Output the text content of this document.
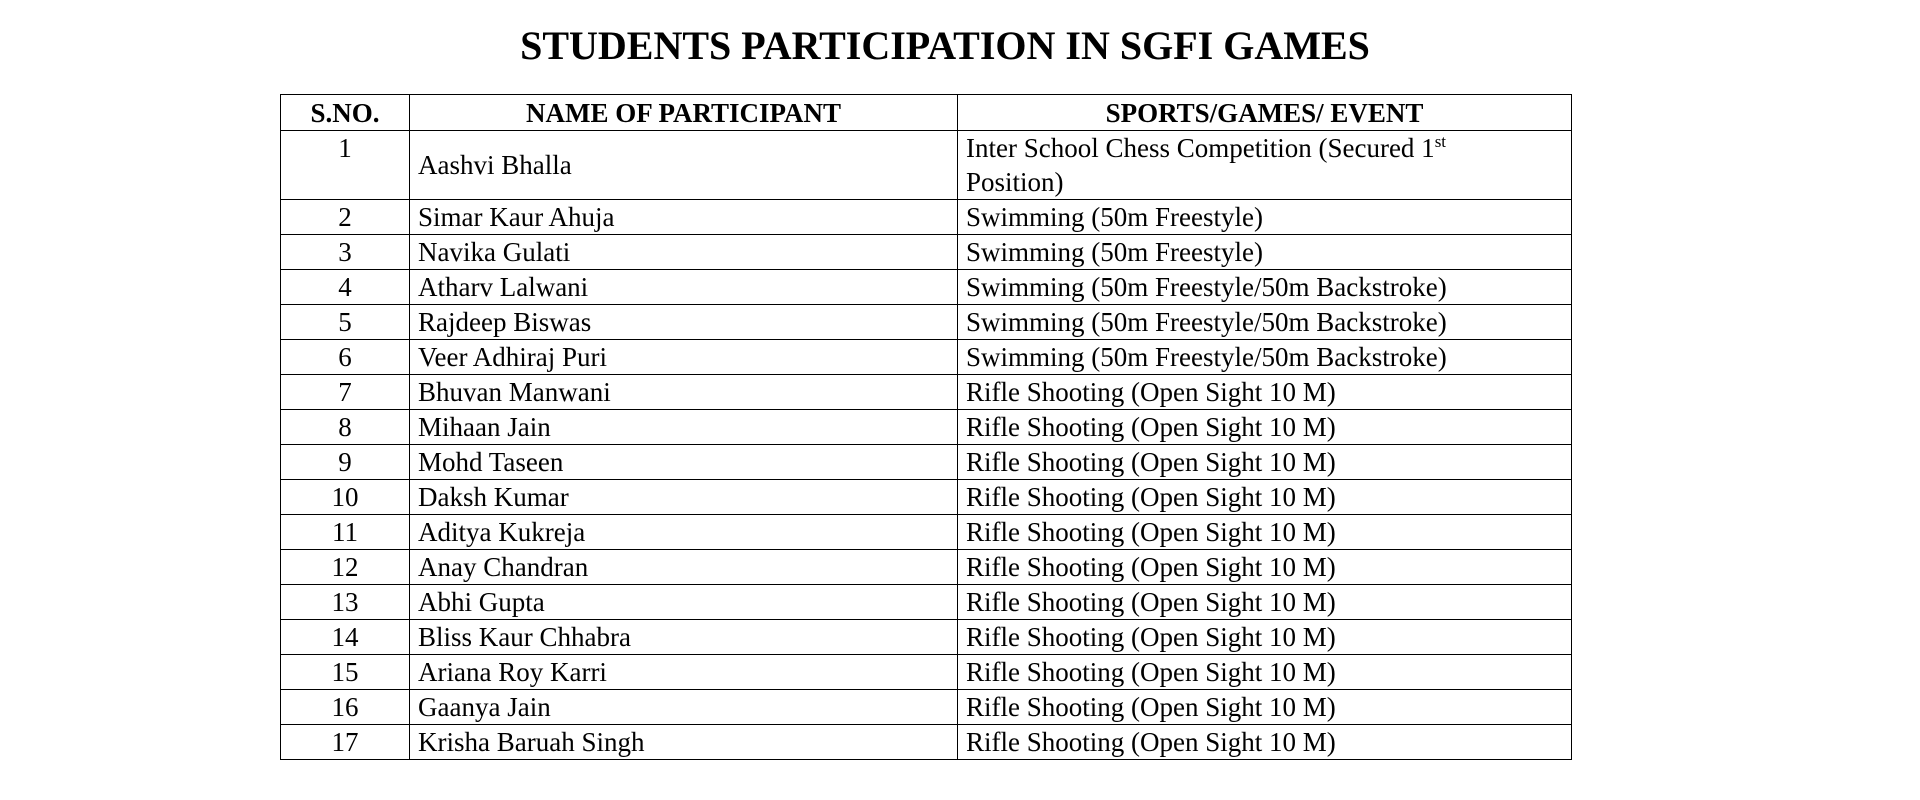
STUDENTS PARTICIPATION IN SGFI GAMES
S.NO.	NAME OF PARTICIPANT	SPORTS/GAMES/ EVENT
1	Aashvi Bhalla	Inter School Chess Competition (Secured 1st
Position)
2	Simar Kaur Ahuja	Swimming (50m Freestyle)
3	Navika Gulati	Swimming (50m Freestyle)
4	Atharv Lalwani	Swimming (50m Freestyle/50m Backstroke)
5	Rajdeep Biswas	Swimming (50m Freestyle/50m Backstroke)
6	Veer Adhiraj Puri	Swimming (50m Freestyle/50m Backstroke)
7	Bhuvan Manwani	Rifle Shooting (Open Sight 10 M)
8	Mihaan Jain	Rifle Shooting (Open Sight 10 M)
9	Mohd Taseen	Rifle Shooting (Open Sight 10 M)
10	Daksh Kumar	Rifle Shooting (Open Sight 10 M)
11	Aditya Kukreja	Rifle Shooting (Open Sight 10 M)
12	Anay Chandran	Rifle Shooting (Open Sight 10 M)
13	Abhi Gupta	Rifle Shooting (Open Sight 10 M)
14	Bliss Kaur Chhabra	Rifle Shooting (Open Sight 10 M)
15	Ariana Roy Karri	Rifle Shooting (Open Sight 10 M)
16	Gaanya Jain	Rifle Shooting (Open Sight 10 M)
17	Krisha Baruah Singh	Rifle Shooting (Open Sight 10 M)
